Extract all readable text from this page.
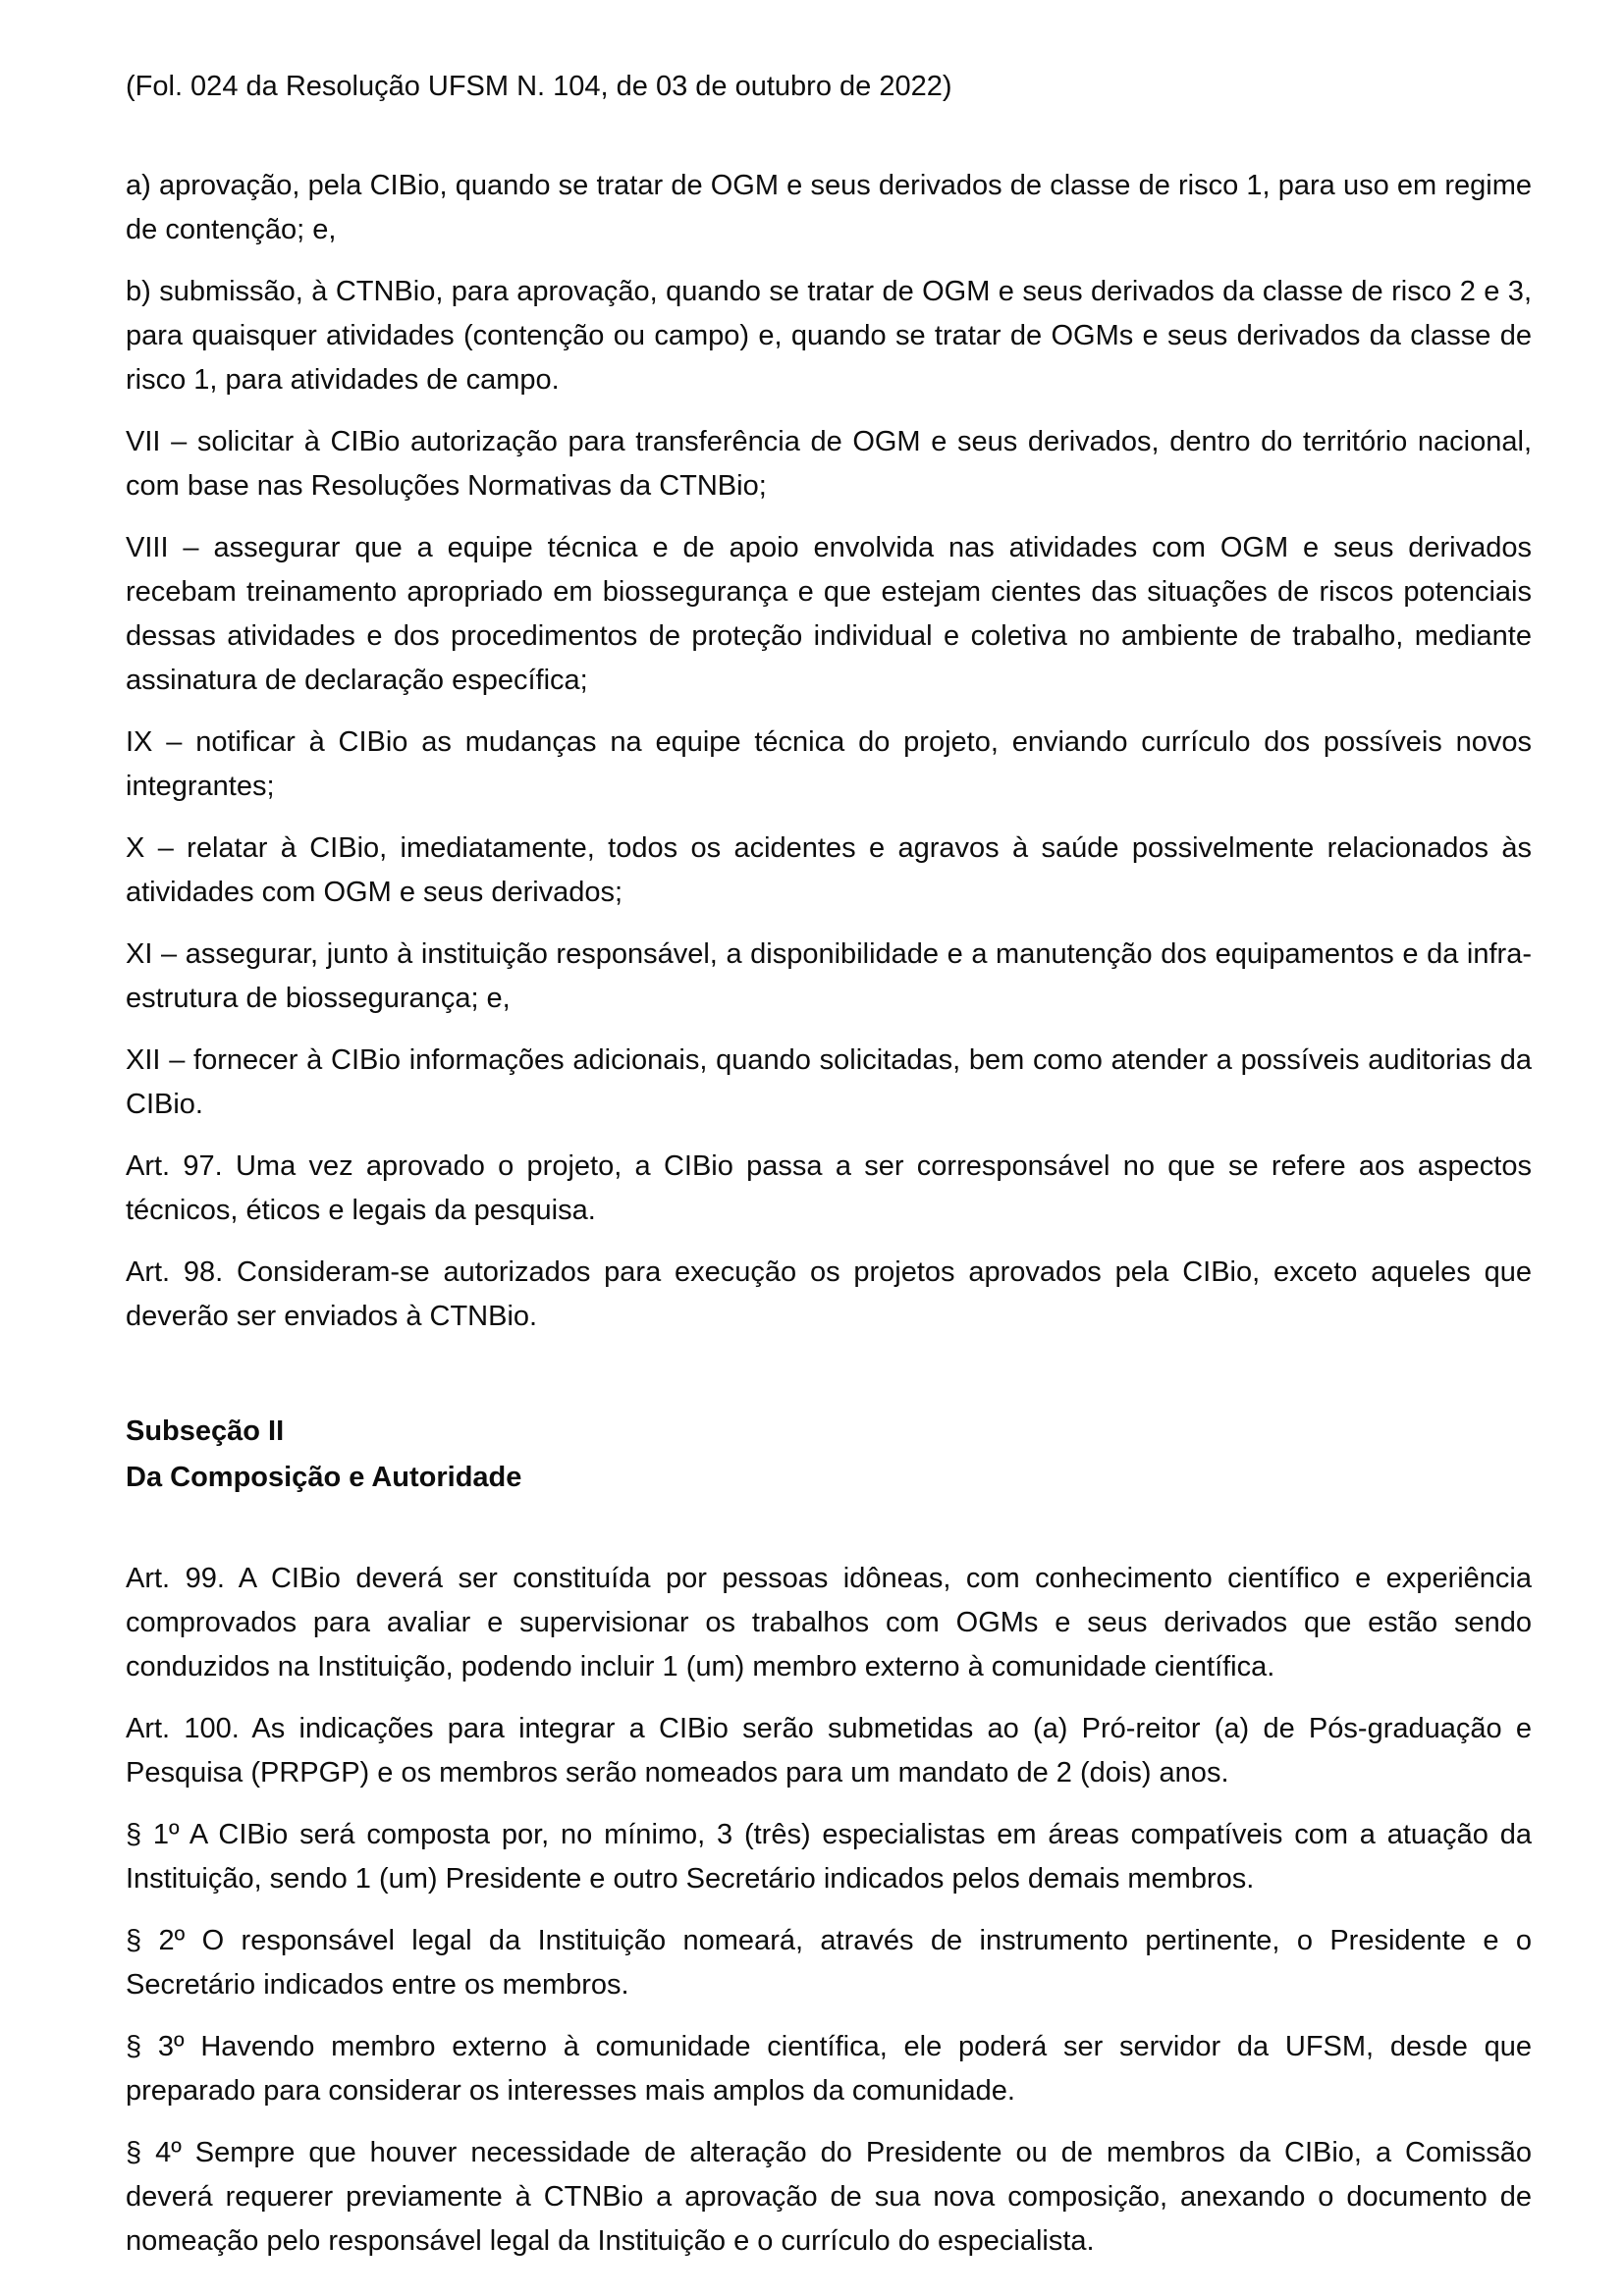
(Fol. 024 da Resolução UFSM N. 104, de 03 de outubro de 2022)

a) aprovação, pela CIBio, quando se tratar de OGM e seus derivados de classe de risco 1, para uso em regime de contenção; e,

b) submissão, à CTNBio, para aprovação, quando se tratar de OGM e seus derivados da classe de risco 2 e 3, para quaisquer atividades (contenção ou campo) e, quando se tratar de OGMs e seus derivados da classe de risco 1, para atividades de campo.

VII – solicitar à CIBio autorização para transferência de OGM e seus derivados, dentro do território nacional, com base nas Resoluções Normativas da CTNBio;

VIII – assegurar que a equipe técnica e de apoio envolvida nas atividades com OGM e seus derivados recebam treinamento apropriado em biossegurança e que estejam cientes das situações de riscos potenciais dessas atividades e dos procedimentos de proteção individual e coletiva no ambiente de trabalho, mediante assinatura de declaração específica;

IX – notificar à CIBio as mudanças na equipe técnica do projeto, enviando currículo dos possíveis novos integrantes;

X – relatar à CIBio, imediatamente, todos os acidentes e agravos à saúde possivelmente relacionados às atividades com OGM e seus derivados;

XI – assegurar, junto à instituição responsável, a disponibilidade e a manutenção dos equipamentos e da infra-estrutura de biossegurança; e,

XII – fornecer à CIBio informações adicionais, quando solicitadas, bem como atender a possíveis auditorias da CIBio.

Art. 97. Uma vez aprovado o projeto, a CIBio passa a ser corresponsável no que se refere aos aspectos técnicos, éticos e legais da pesquisa.

Art. 98. Consideram-se autorizados para execução os projetos aprovados pela CIBio, exceto aqueles que deverão ser enviados à CTNBio.

Subseção II
Da Composição e Autoridade

Art. 99. A CIBio deverá ser constituída por pessoas idôneas, com conhecimento científico e experiência comprovados para avaliar e supervisionar os trabalhos com OGMs e seus derivados que estão sendo conduzidos na Instituição, podendo incluir 1 (um) membro externo à comunidade científica.

Art. 100. As indicações para integrar a CIBio serão submetidas ao (a) Pró-reitor (a) de Pós-graduação e Pesquisa (PRPGP) e os membros serão nomeados para um mandato de 2 (dois) anos.

§ 1º A CIBio será composta por, no mínimo, 3 (três) especialistas em áreas compatíveis com a atuação da Instituição, sendo 1 (um) Presidente e outro Secretário indicados pelos demais membros.

§ 2º O responsável legal da Instituição nomeará, através de instrumento pertinente, o Presidente e o Secretário indicados entre os membros.

§ 3º Havendo membro externo à comunidade científica, ele poderá ser servidor da UFSM, desde que preparado para considerar os interesses mais amplos da comunidade.

§ 4º Sempre que houver necessidade de alteração do Presidente ou de membros da CIBio, a Comissão deverá requerer previamente à CTNBio a aprovação de sua nova composição, anexando o documento de nomeação pelo responsável legal da Instituição e o currículo do especialista.
